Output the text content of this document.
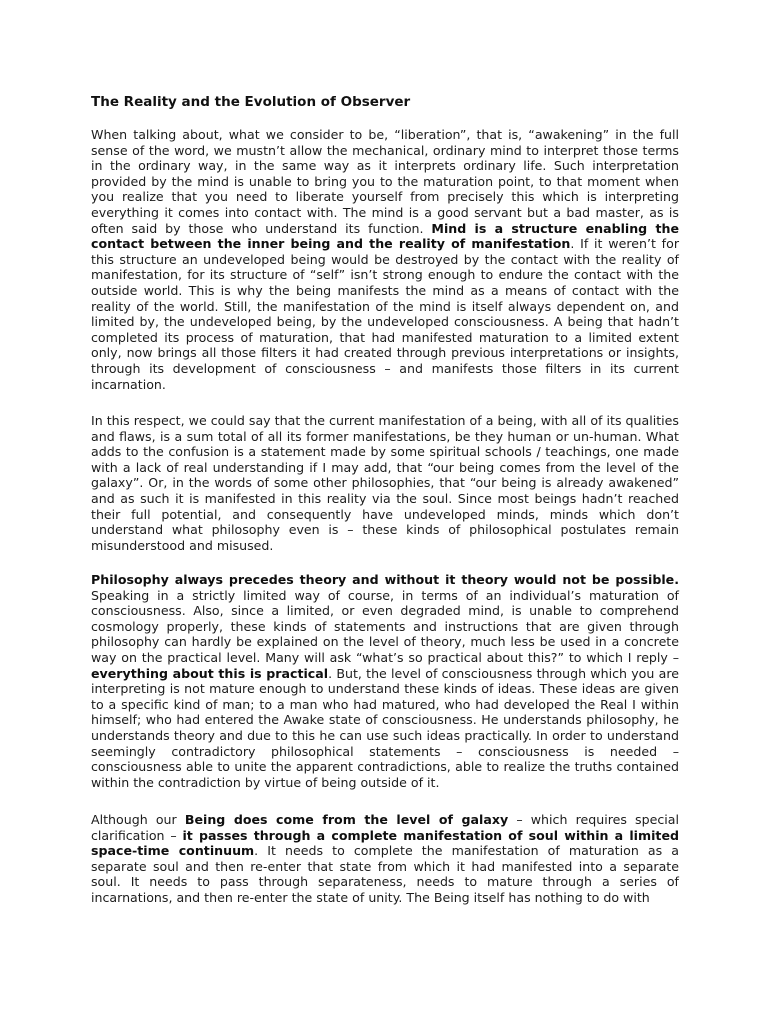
The Reality and the Evolution of Observer

When talking about, what we consider to be, “liberation”, that is, “awakening” in the full sense of the word, we mustn’t allow the mechanical, ordinary mind to interpret those terms in the ordinary way, in the same way as it interprets ordinary life. Such interpretation provided by the mind is unable to bring you to the maturation point, to that moment when you realize that you need to liberate yourself from precisely this which is interpreting everything it comes into contact with. The mind is a good servant but a bad master, as is often said by those who understand its function. Mind is a structure enabling the contact between the inner being and the reality of manifestation. If it weren’t for this structure an undeveloped being would be destroyed by the contact with the reality of manifestation, for its structure of “self” isn’t strong enough to endure the contact with the outside world. This is why the being manifests the mind as a means of contact with the reality of the world. Still, the manifestation of the mind is itself always dependent on, and limited by, the undeveloped being, by the undeveloped consciousness. A being that hadn’t completed its process of maturation, that had manifested maturation to a limited extent only, now brings all those filters it had created through previous interpretations or insights, through its development of consciousness – and manifests those filters in its current incarnation.

In this respect, we could say that the current manifestation of a being, with all of its qualities and flaws, is a sum total of all its former manifestations, be they human or un-human. What adds to the confusion is a statement made by some spiritual schools / teachings, one made with a lack of real understanding if I may add, that “our being comes from the level of the galaxy”. Or, in the words of some other philosophies, that “our being is already awakened” and as such it is manifested in this reality via the soul. Since most beings hadn’t reached their full potential, and consequently have undeveloped minds, minds which don’t understand what philosophy even is – these kinds of philosophical postulates remain misunderstood and misused.

Philosophy always precedes theory and without it theory would not be possible. Speaking in a strictly limited way of course, in terms of an individual’s maturation of consciousness. Also, since a limited, or even degraded mind, is unable to comprehend cosmology properly, these kinds of statements and instructions that are given through philosophy can hardly be explained on the level of theory, much less be used in a concrete way on the practical level. Many will ask “what’s so practical about this?” to which I reply – everything about this is practical. But, the level of consciousness through which you are interpreting is not mature enough to understand these kinds of ideas. These ideas are given to a specific kind of man; to a man who had matured, who had developed the Real I within himself; who had entered the Awake state of consciousness. He understands philosophy, he understands theory and due to this he can use such ideas practically. In order to understand seemingly contradictory philosophical statements – consciousness is needed – consciousness able to unite the apparent contradictions, able to realize the truths contained within the contradiction by virtue of being outside of it.

Although our Being does come from the level of galaxy – which requires special clarification – it passes through a complete manifestation of soul within a limited space-time continuum. It needs to complete the manifestation of maturation as a separate soul and then re-enter that state from which it had manifested into a separate soul. It needs to pass through separateness, needs to mature through a series of incarnations, and then re-enter the state of unity. The Being itself has nothing to do with
